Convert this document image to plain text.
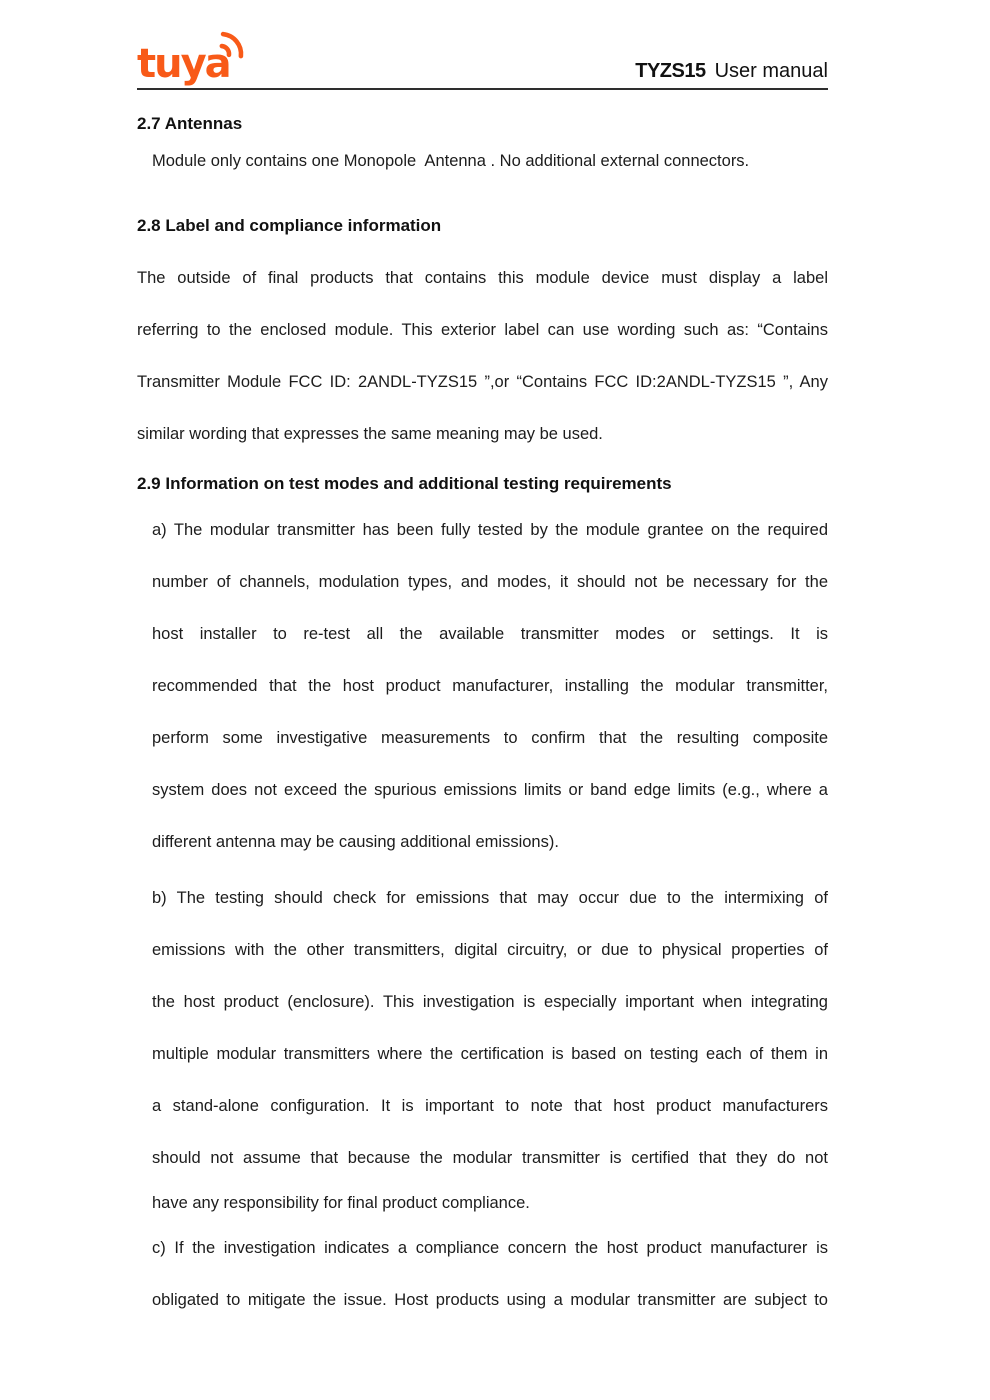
tuya	TYZS15 User manual
2.7 Antennas
Module only contains one Monopole  Antenna . No additional external connectors.
2.8 Label and compliance information
The outside of final products that contains this module device must display a label
referring to the enclosed module. This exterior label can use wording such as: “Contains
Transmitter Module FCC ID: 2ANDL-TYZS15 ”,or “Contains FCC ID:2ANDL-TYZS15 ”, Any
similar wording that expresses the same meaning may be used.
2.9 Information on test modes and additional testing requirements
a) The modular transmitter has been fully tested by the module grantee on the required
number of channels, modulation types, and modes, it should not be necessary for the
host installer to re-test all the available transmitter modes or settings. It is
recommended that the host product manufacturer, installing the modular transmitter,
perform some investigative measurements to confirm that the resulting composite
system does not exceed the spurious emissions limits or band edge limits (e.g., where a
different antenna may be causing additional emissions).
b) The testing should check for emissions that may occur due to the intermixing of
emissions with the other transmitters, digital circuitry, or due to physical properties of
the host product (enclosure). This investigation is especially important when integrating
multiple modular transmitters where the certification is based on testing each of them in
a stand-alone configuration. It is important to note that host product manufacturers
should not assume that because the modular transmitter is certified that they do not
have any responsibility for final product compliance.
c) If the investigation indicates a compliance concern the host product manufacturer is
obligated to mitigate the issue. Host products using a modular transmitter are subject to
